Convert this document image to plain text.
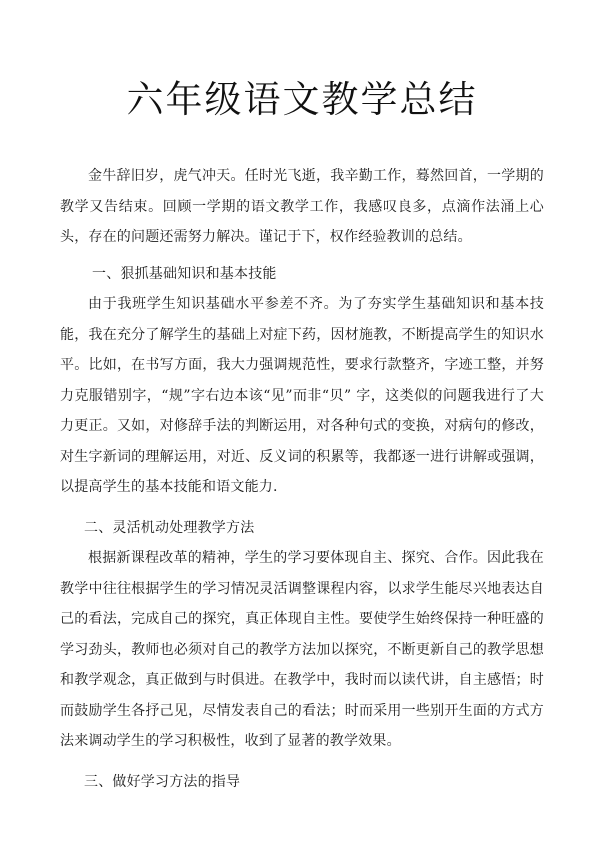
六年级语文教学总结

金牛辞旧岁，虎气冲天。任时光飞逝，我辛勤工作，蓦然回首，一学期的教学又告结束。回顾一学期的语文教学工作，我感叹良多，点滴作法涌上心头，存在的问题还需努力解决。谨记于下，权作经验教训的总结。

一、狠抓基础知识和基本技能

由于我班学生知识基础水平参差不齐。为了夯实学生基础知识和基本技能，我在充分了解学生的基础上对症下药，因材施教，不断提高学生的知识水平。比如，在书写方面，我大力强调规范性，要求行款整齐，字迹工整，并努力克服错别字，“规”字右边本该“见”而非“贝” 字，这类似的问题我进行了大力更正。又如，对修辞手法的判断运用，对各种句式的变换，对病句的修改，对生字新词的理解运用，对近、反义词的积累等，我都逐一进行讲解或强调，以提高学生的基本技能和语文能力.

二、灵活机动处理教学方法

根据新课程改革的精神，学生的学习要体现自主、探究、合作。因此我在教学中往往根据学生的学习情况灵活调整课程内容，以求学生能尽兴地表达自己的看法，完成自己的探究，真正体现自主性。要使学生始终保持一种旺盛的学习劲头，教师也必须对自己的教学方法加以探究，不断更新自己的教学思想和教学观念，真正做到与时俱进。在教学中，我时而以读代讲，自主感悟；时而鼓励学生各抒己见，尽情发表自己的看法；时而采用一些别开生面的方式方法来调动学生的学习积极性，收到了显著的教学效果。

三、做好学习方法的指导
